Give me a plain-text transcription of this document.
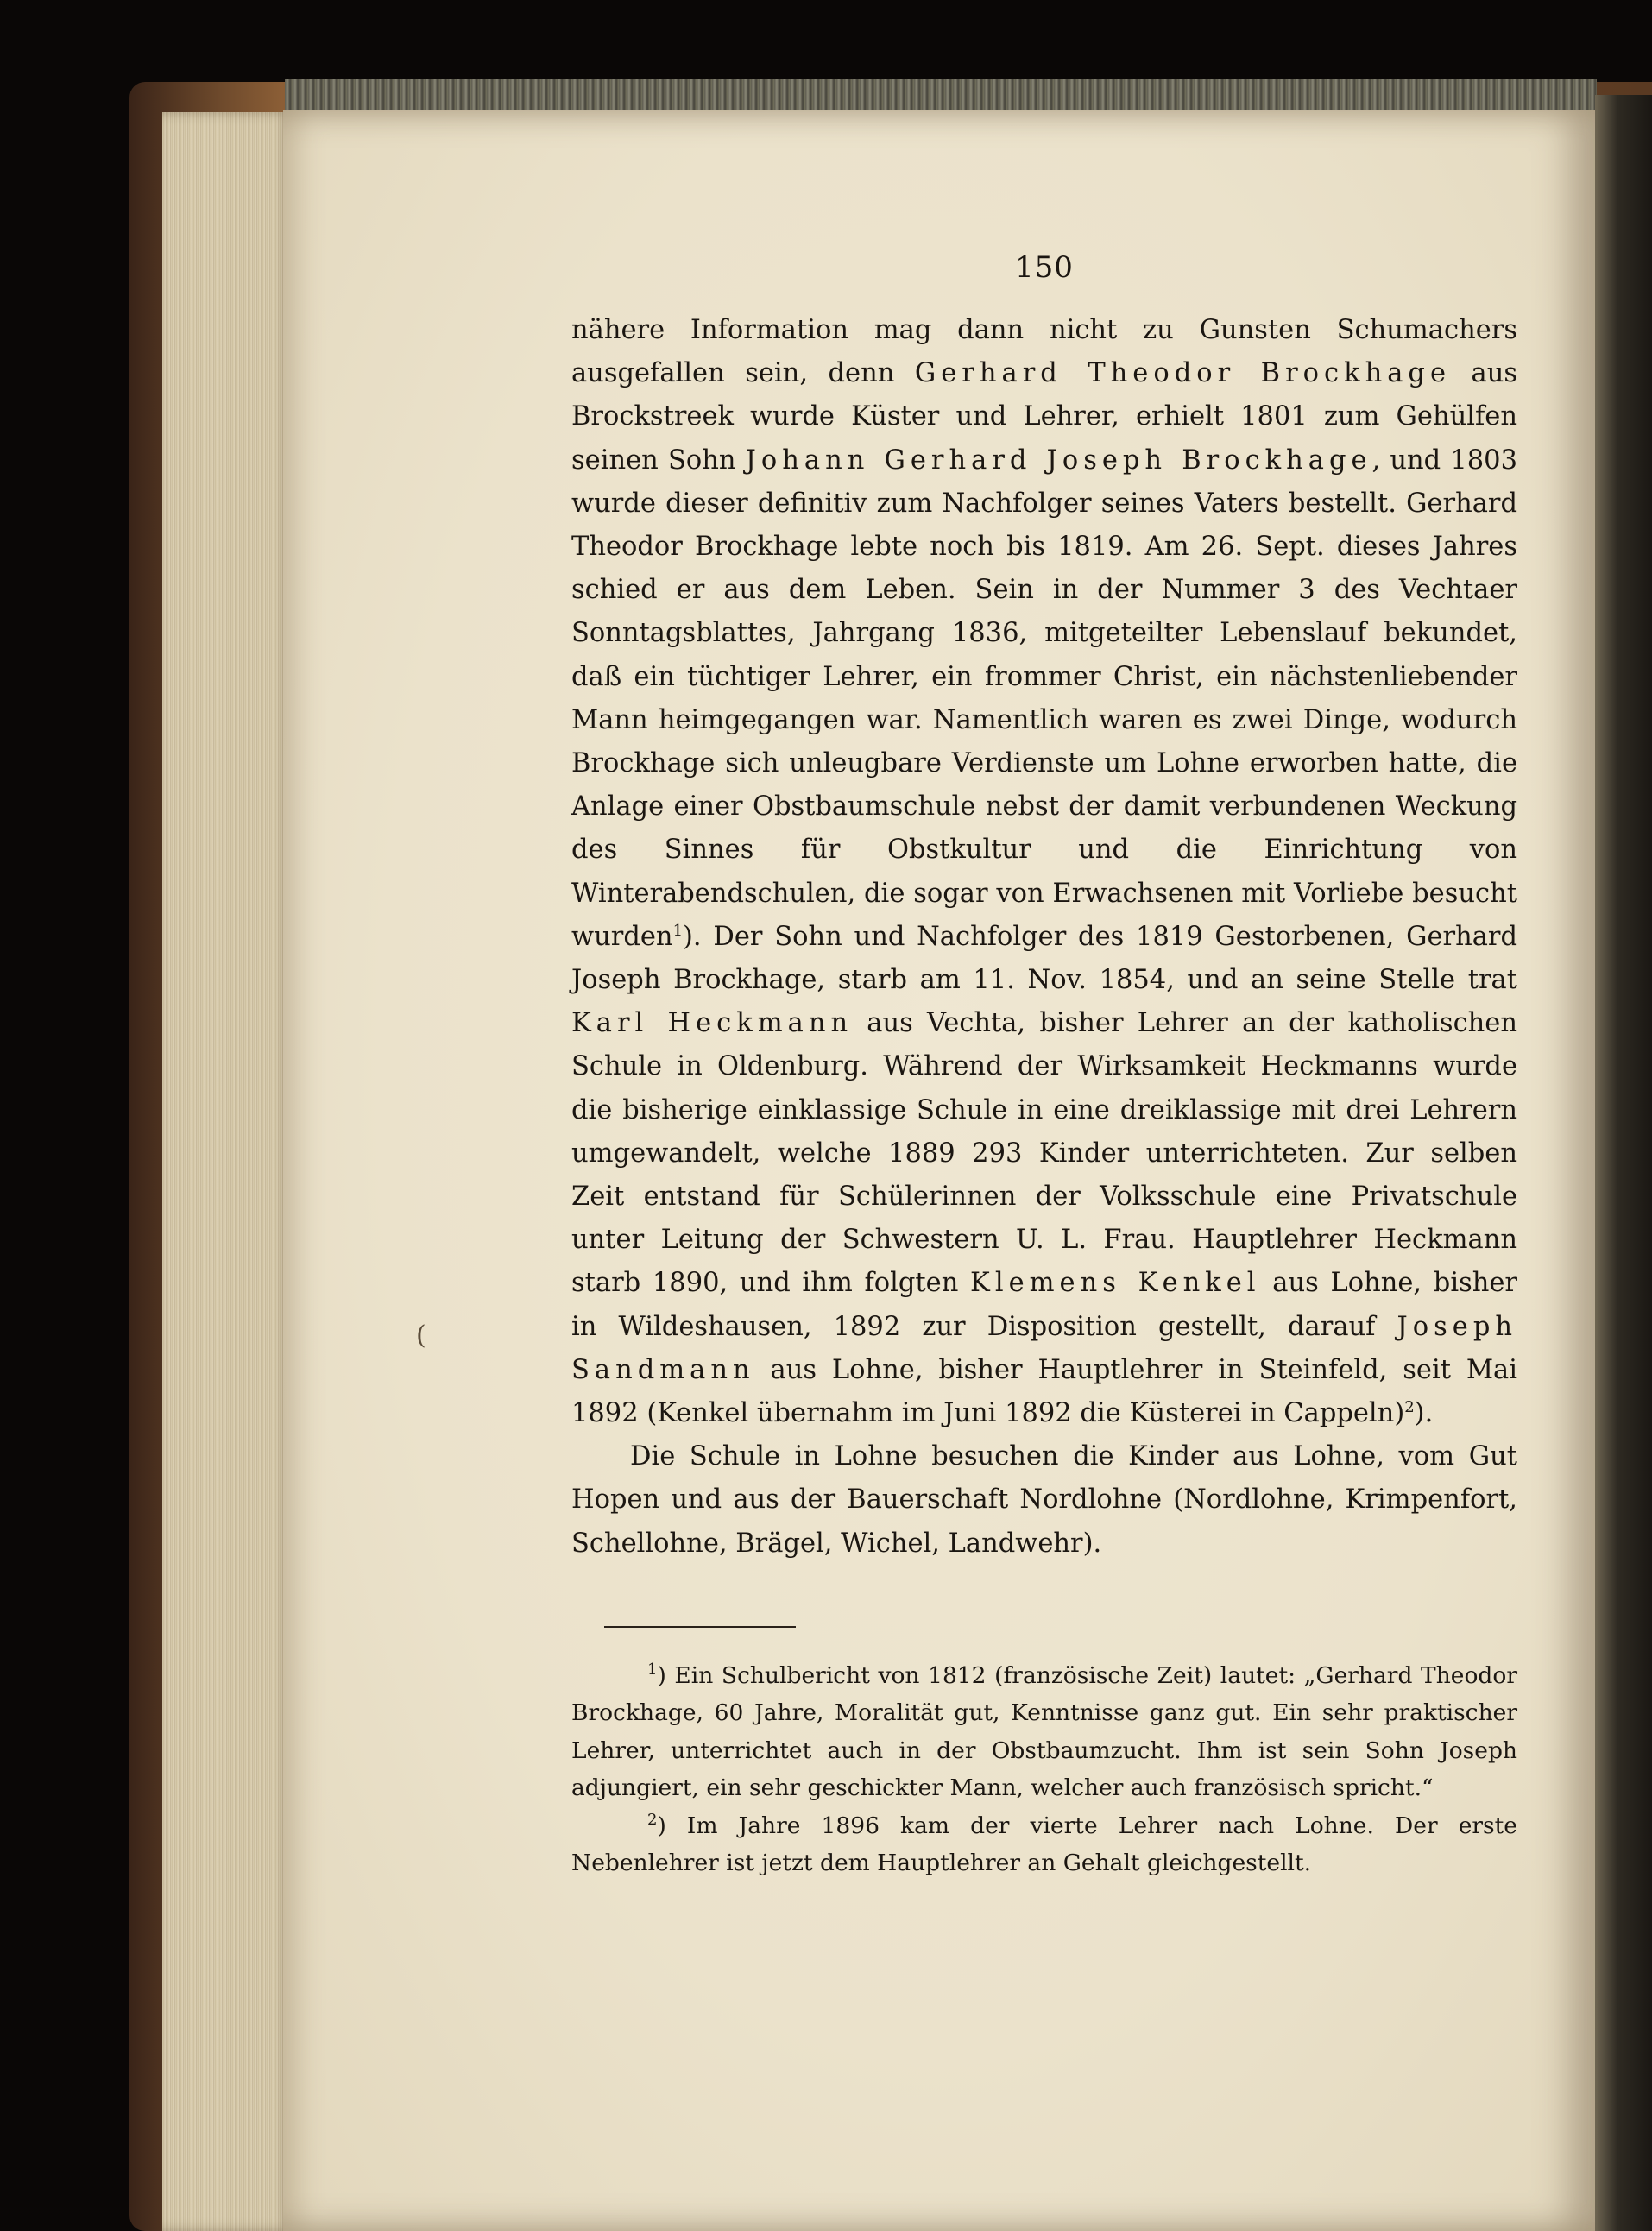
(
150

nähere Information mag dann nicht zu Gunsten Schumachers ausgefallen sein, denn Gerhard Theodor Brockhage aus Brockstreek wurde Küster und Lehrer, erhielt 1801 zum Gehülfen seinen Sohn Johann Gerhard Joseph Brockhage, und 1803 wurde dieser definitiv zum Nachfolger seines Vaters bestellt. Gerhard Theodor Brockhage lebte noch bis 1819. Am 26. Sept. dieses Jahres schied er aus dem Leben. Sein in der Nummer 3 des Vechtaer Sonntagsblattes, Jahrgang 1836, mitgeteilter Lebenslauf bekundet, daß ein tüchtiger Lehrer, ein frommer Christ, ein nächstenliebender Mann heimgegangen war. Namentlich waren es zwei Dinge, wodurch Brockhage sich unleugbare Verdienste um Lohne erworben hatte, die Anlage einer Obstbaumschule nebst der damit verbundenen Weckung des Sinnes für Obstkultur und die Einrichtung von Winterabendschulen, die sogar von Erwachsenen mit Vorliebe besucht wurden$^1$). Der Sohn und Nachfolger des 1819 Gestorbenen, Gerhard Joseph Brockhage, starb am 11. Nov. 1854, und an seine Stelle trat Karl Heckmann aus Vechta, bisher Lehrer an der katholischen Schule in Oldenburg. Während der Wirksamkeit Heckmanns wurde die bisherige einklassige Schule in eine dreiklassige mit drei Lehrern umgewandelt, welche 1889 293 Kinder unterrichteten. Zur selben Zeit entstand für Schülerinnen der Volksschule eine Privatschule unter Leitung der Schwestern U. L. Frau. Hauptlehrer Heckmann starb 1890, und ihm folgten Klemens Kenkel aus Lohne, bisher in Wildeshausen, 1892 zur Disposition gestellt, darauf Joseph Sandmann aus Lohne, bisher Hauptlehrer in Steinfeld, seit Mai 1892 (Kenkel übernahm im Juni 1892 die Küsterei in Cappeln)$^2$).

Die Schule in Lohne besuchen die Kinder aus Lohne, vom Gut Hopen und aus der Bauerschaft Nordlohne (Nordlohne, Krimpenfort, Schellohne, Brägel, Wichel, Landwehr).

$^1$) Ein Schulbericht von 1812 (französische Zeit) lautet: „Gerhard Theodor Brockhage, 60 Jahre, Moralität gut, Kenntnisse ganz gut. Ein sehr praktischer Lehrer, unterrichtet auch in der Obstbaumzucht. Ihm ist sein Sohn Joseph adjungiert, ein sehr geschickter Mann, welcher auch französisch spricht.“

$^2$) Im Jahre 1896 kam der vierte Lehrer nach Lohne. Der erste Nebenlehrer ist jetzt dem Hauptlehrer an Gehalt gleichgestellt.
